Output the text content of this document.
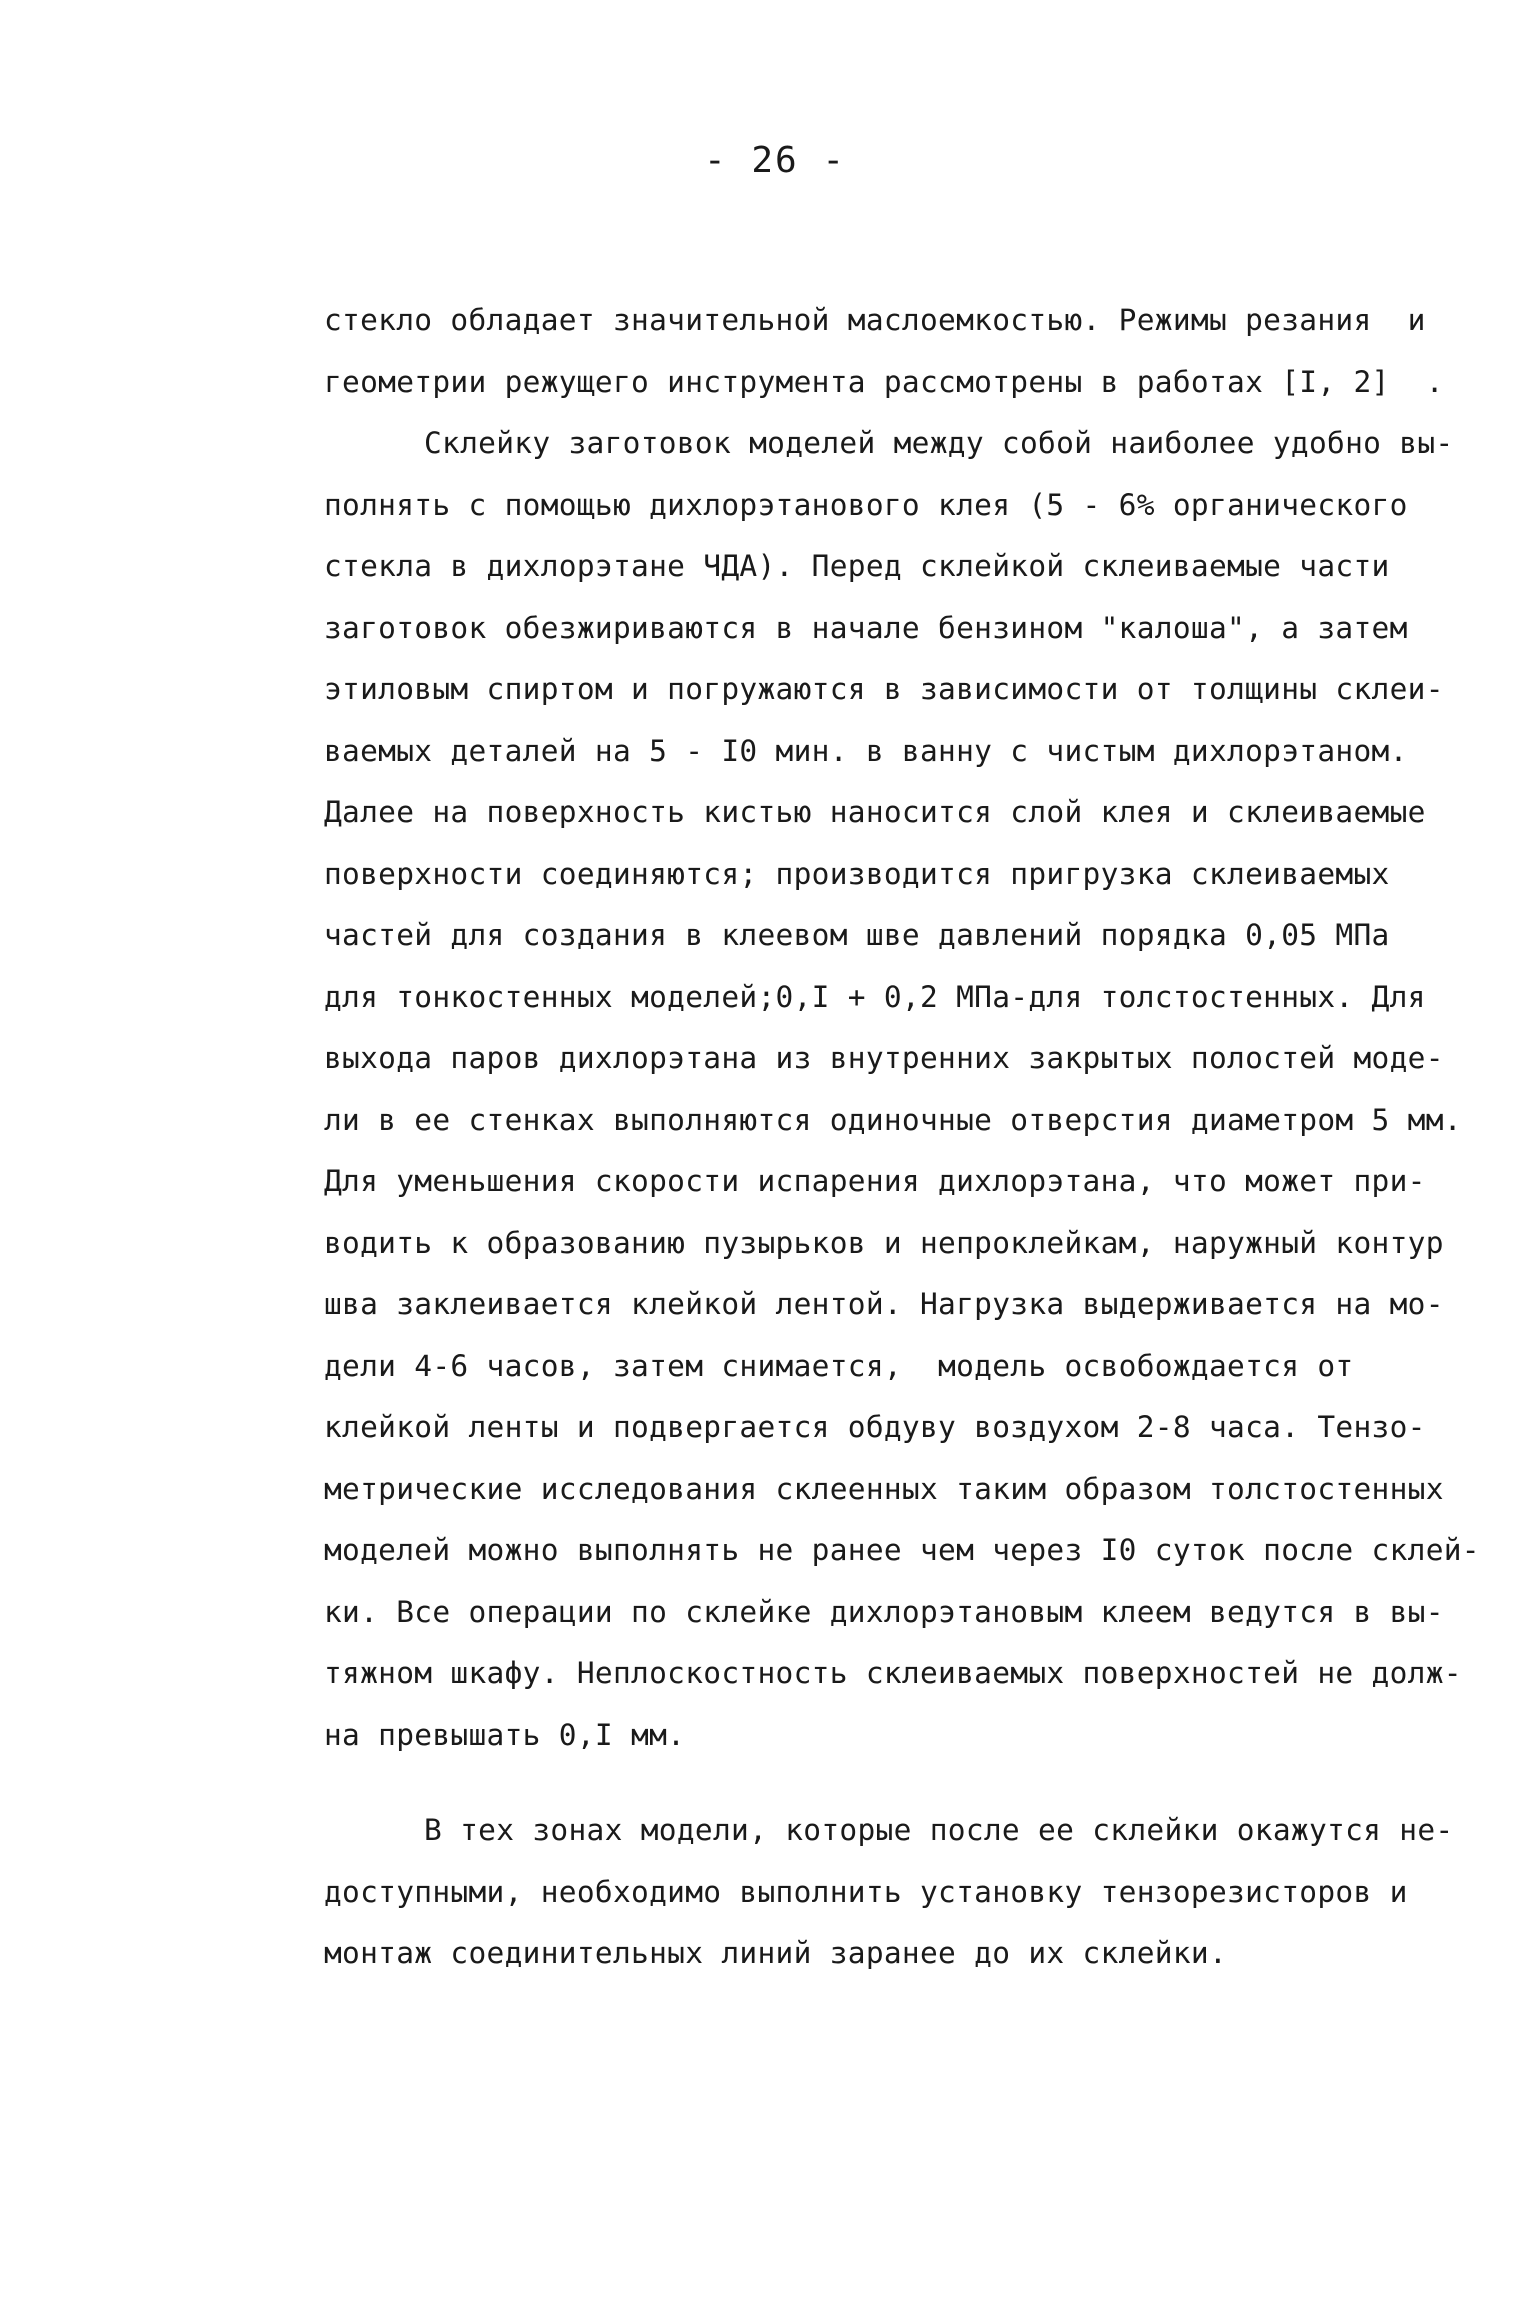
- 26 -
стекло обладает значительной маслоемкостью. Режимы резания  и
геометрии режущего инструмента рассмотрены в работах [I, 2]  .
Склейку заготовок моделей между собой наиболее удобно вы-
полнять с помощью дихлорэтанового клея (5 - 6% органического
стекла в дихлорэтане ЧДА). Перед склейкой склеиваемые части
заготовок обезжириваются в начале бензином "калоша", а затем
этиловым спиртом и погружаются в зависимости от толщины склеи-
ваемых деталей на 5 - I0 мин. в ванну с чистым дихлорэтаном.
Далее на поверхность кистью наносится слой клея и склеиваемые
поверхности соединяются; производится пригрузка склеиваемых
частей для создания в клеевом шве давлений порядка 0,05 МПа
для тонкостенных моделей;0,I + 0,2 МПа-для толстостенных. Для
выхода паров дихлорэтана из внутренних закрытых полостей моде-
ли в ее стенках выполняются одиночные отверстия диаметром 5 мм.
Для уменьшения скорости испарения дихлорэтана, что может при-
водить к образованию пузырьков и непроклейкам, наружный контур
шва заклеивается клейкой лентой. Нагрузка выдерживается на мо-
дели 4-6 часов, затем снимается,  модель освобождается от
клейкой ленты и подвергается обдуву воздухом 2-8 часа. Тензо-
метрические исследования склеенных таким образом толстостенных
моделей можно выполнять не ранее чем через I0 суток после склей-
ки. Все операции по склейке дихлорэтановым клеем ведутся в вы-
тяжном шкафу. Неплоскостность склеиваемых поверхностей не долж-
на превышать 0,I мм.
В тех зонах модели, которые после ее склейки окажутся не-
доступными, необходимо выполнить установку тензорезисторов и
монтаж соединительных линий заранее до их склейки.
